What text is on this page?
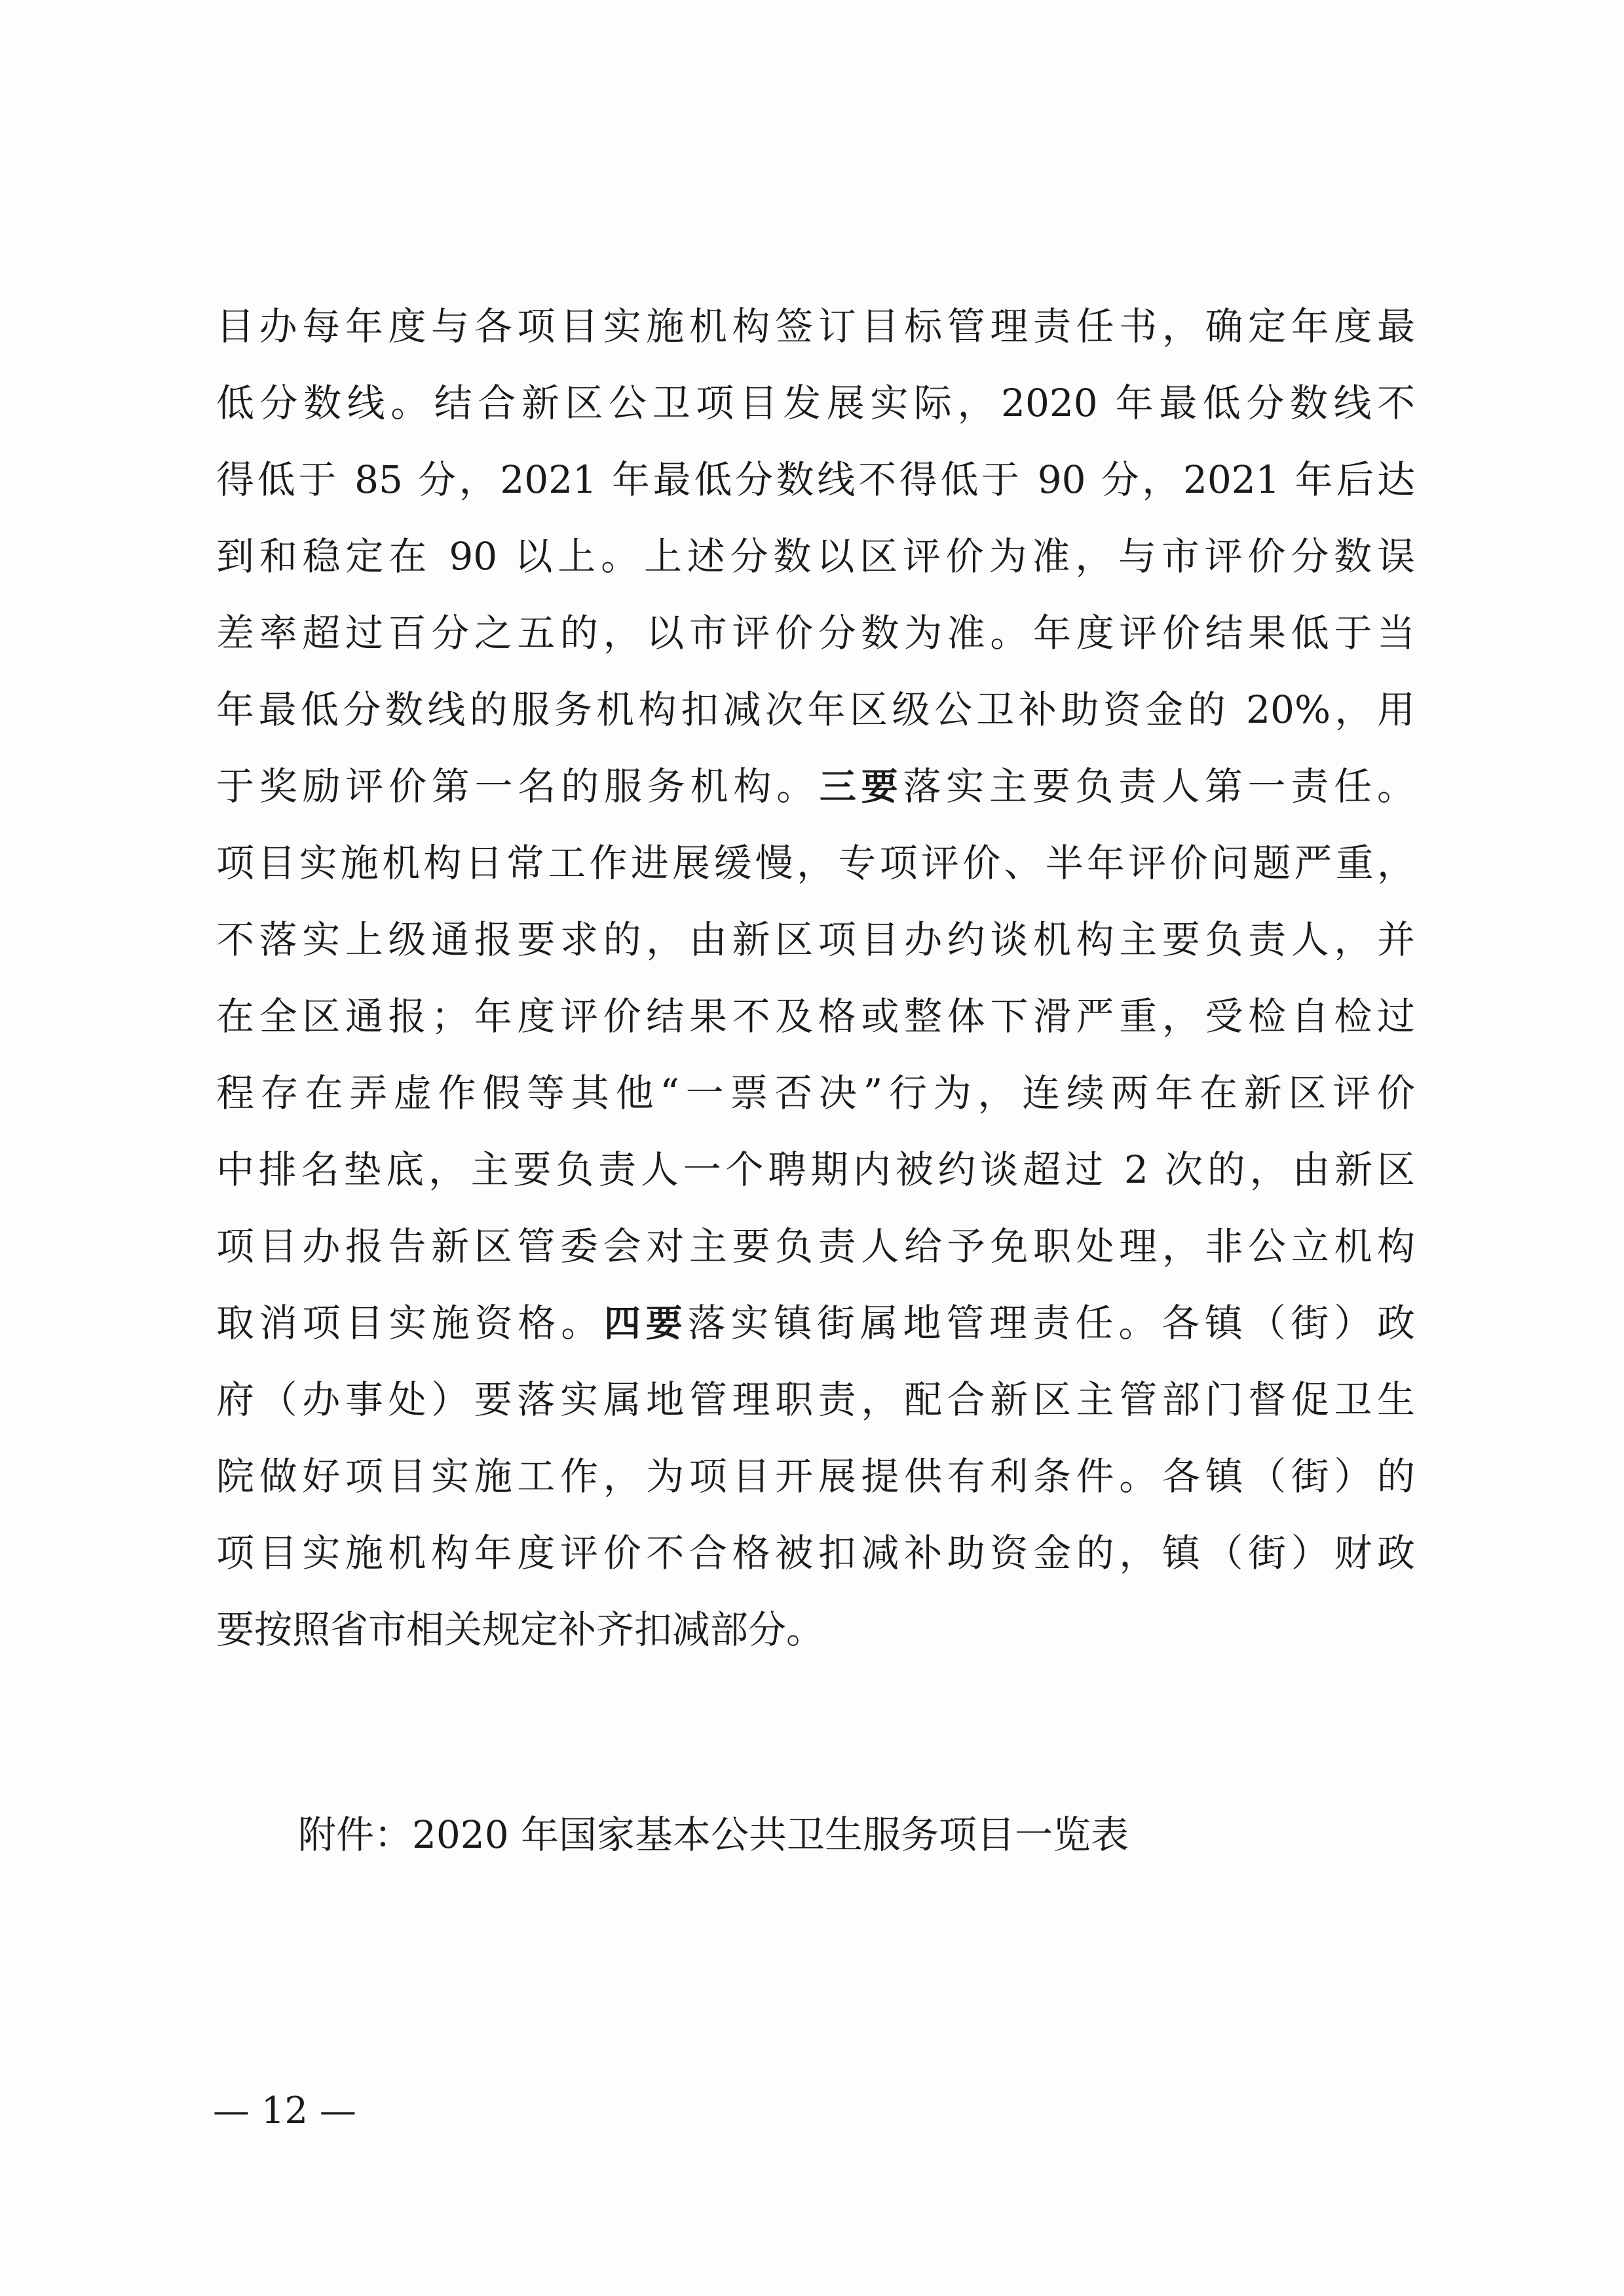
目办每年度与各项目实施机构签订目标管理责任书，确定年度最
低分数线。结合新区公卫项目发展实际，2020 年最低分数线不
得低于 85 分，2021 年最低分数线不得低于 90 分，2021 年后达
到和稳定在 90 以上。上述分数以区评价为准，与市评价分数误
差率超过百分之五的，以市评价分数为准。年度评价结果低于当
年最低分数线的服务机构扣减次年区级公卫补助资金的 20%，用
于奖励评价第一名的服务机构。三要落实主要负责人第一责任。
项目实施机构日常工作进展缓慢，专项评价、半年评价问题严重，
不落实上级通报要求的，由新区项目办约谈机构主要负责人，并
在全区通报；年度评价结果不及格或整体下滑严重，受检自检过
程存在弄虚作假等其他“一票否决”行为，连续两年在新区评价
中排名垫底，主要负责人一个聘期内被约谈超过 2 次的，由新区
项目办报告新区管委会对主要负责人给予免职处理，非公立机构
取消项目实施资格。四要落实镇街属地管理责任。各镇（街）政
府（办事处）要落实属地管理职责，配合新区主管部门督促卫生
院做好项目实施工作，为项目开展提供有利条件。各镇（街）的
项目实施机构年度评价不合格被扣减补助资金的，镇（街）财政
要按照省市相关规定补齐扣减部分。
附件：2020 年国家基本公共卫生服务项目一览表
— 12 —
